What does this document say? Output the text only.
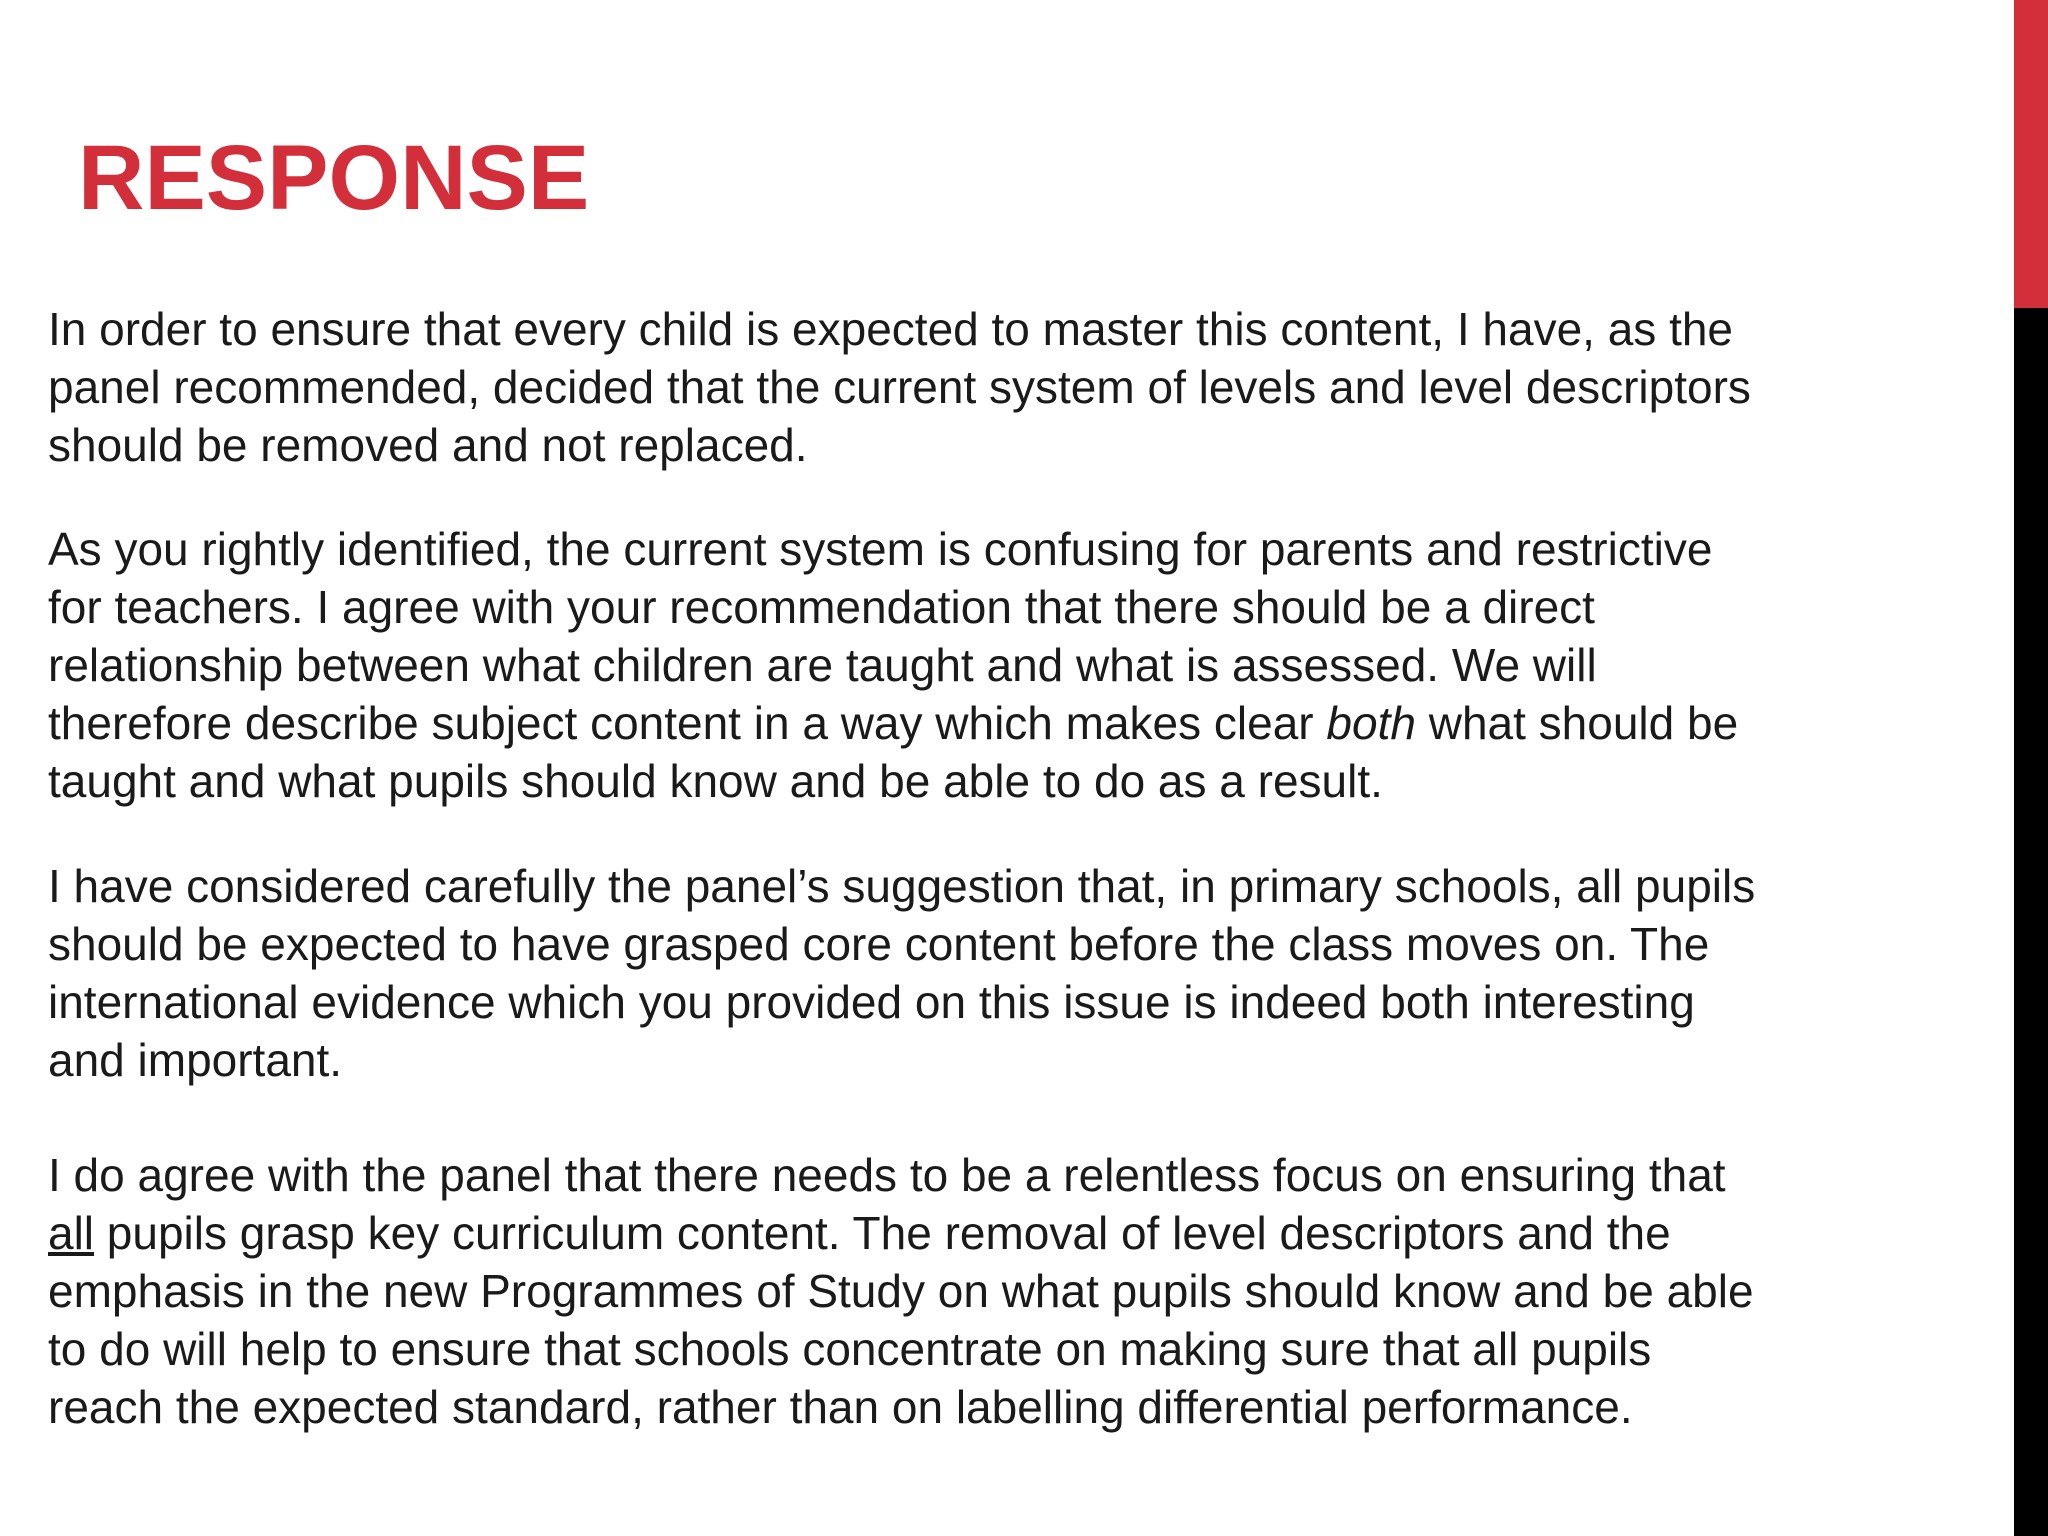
RESPONSE

In order to ensure that every child is expected to master this content, I have, as the
panel recommended, decided that the current system of levels and level descriptors
should be removed and not replaced.

As you rightly identified, the current system is confusing for parents and restrictive
for teachers. I agree with your recommendation that there should be a direct
relationship between what children are taught and what is assessed. We will
therefore describe subject content in a way which makes clear both what should be
taught and what pupils should know and be able to do as a result.

I have considered carefully the panel’s suggestion that, in primary schools, all pupils
should be expected to have grasped core content before the class moves on. The
international evidence which you provided on this issue is indeed both interesting
and important.

I do agree with the panel that there needs to be a relentless focus on ensuring that
all pupils grasp key curriculum content. The removal of level descriptors and the
emphasis in the new Programmes of Study on what pupils should know and be able
to do will help to ensure that schools concentrate on making sure that all pupils
reach the expected standard, rather than on labelling differential performance.
